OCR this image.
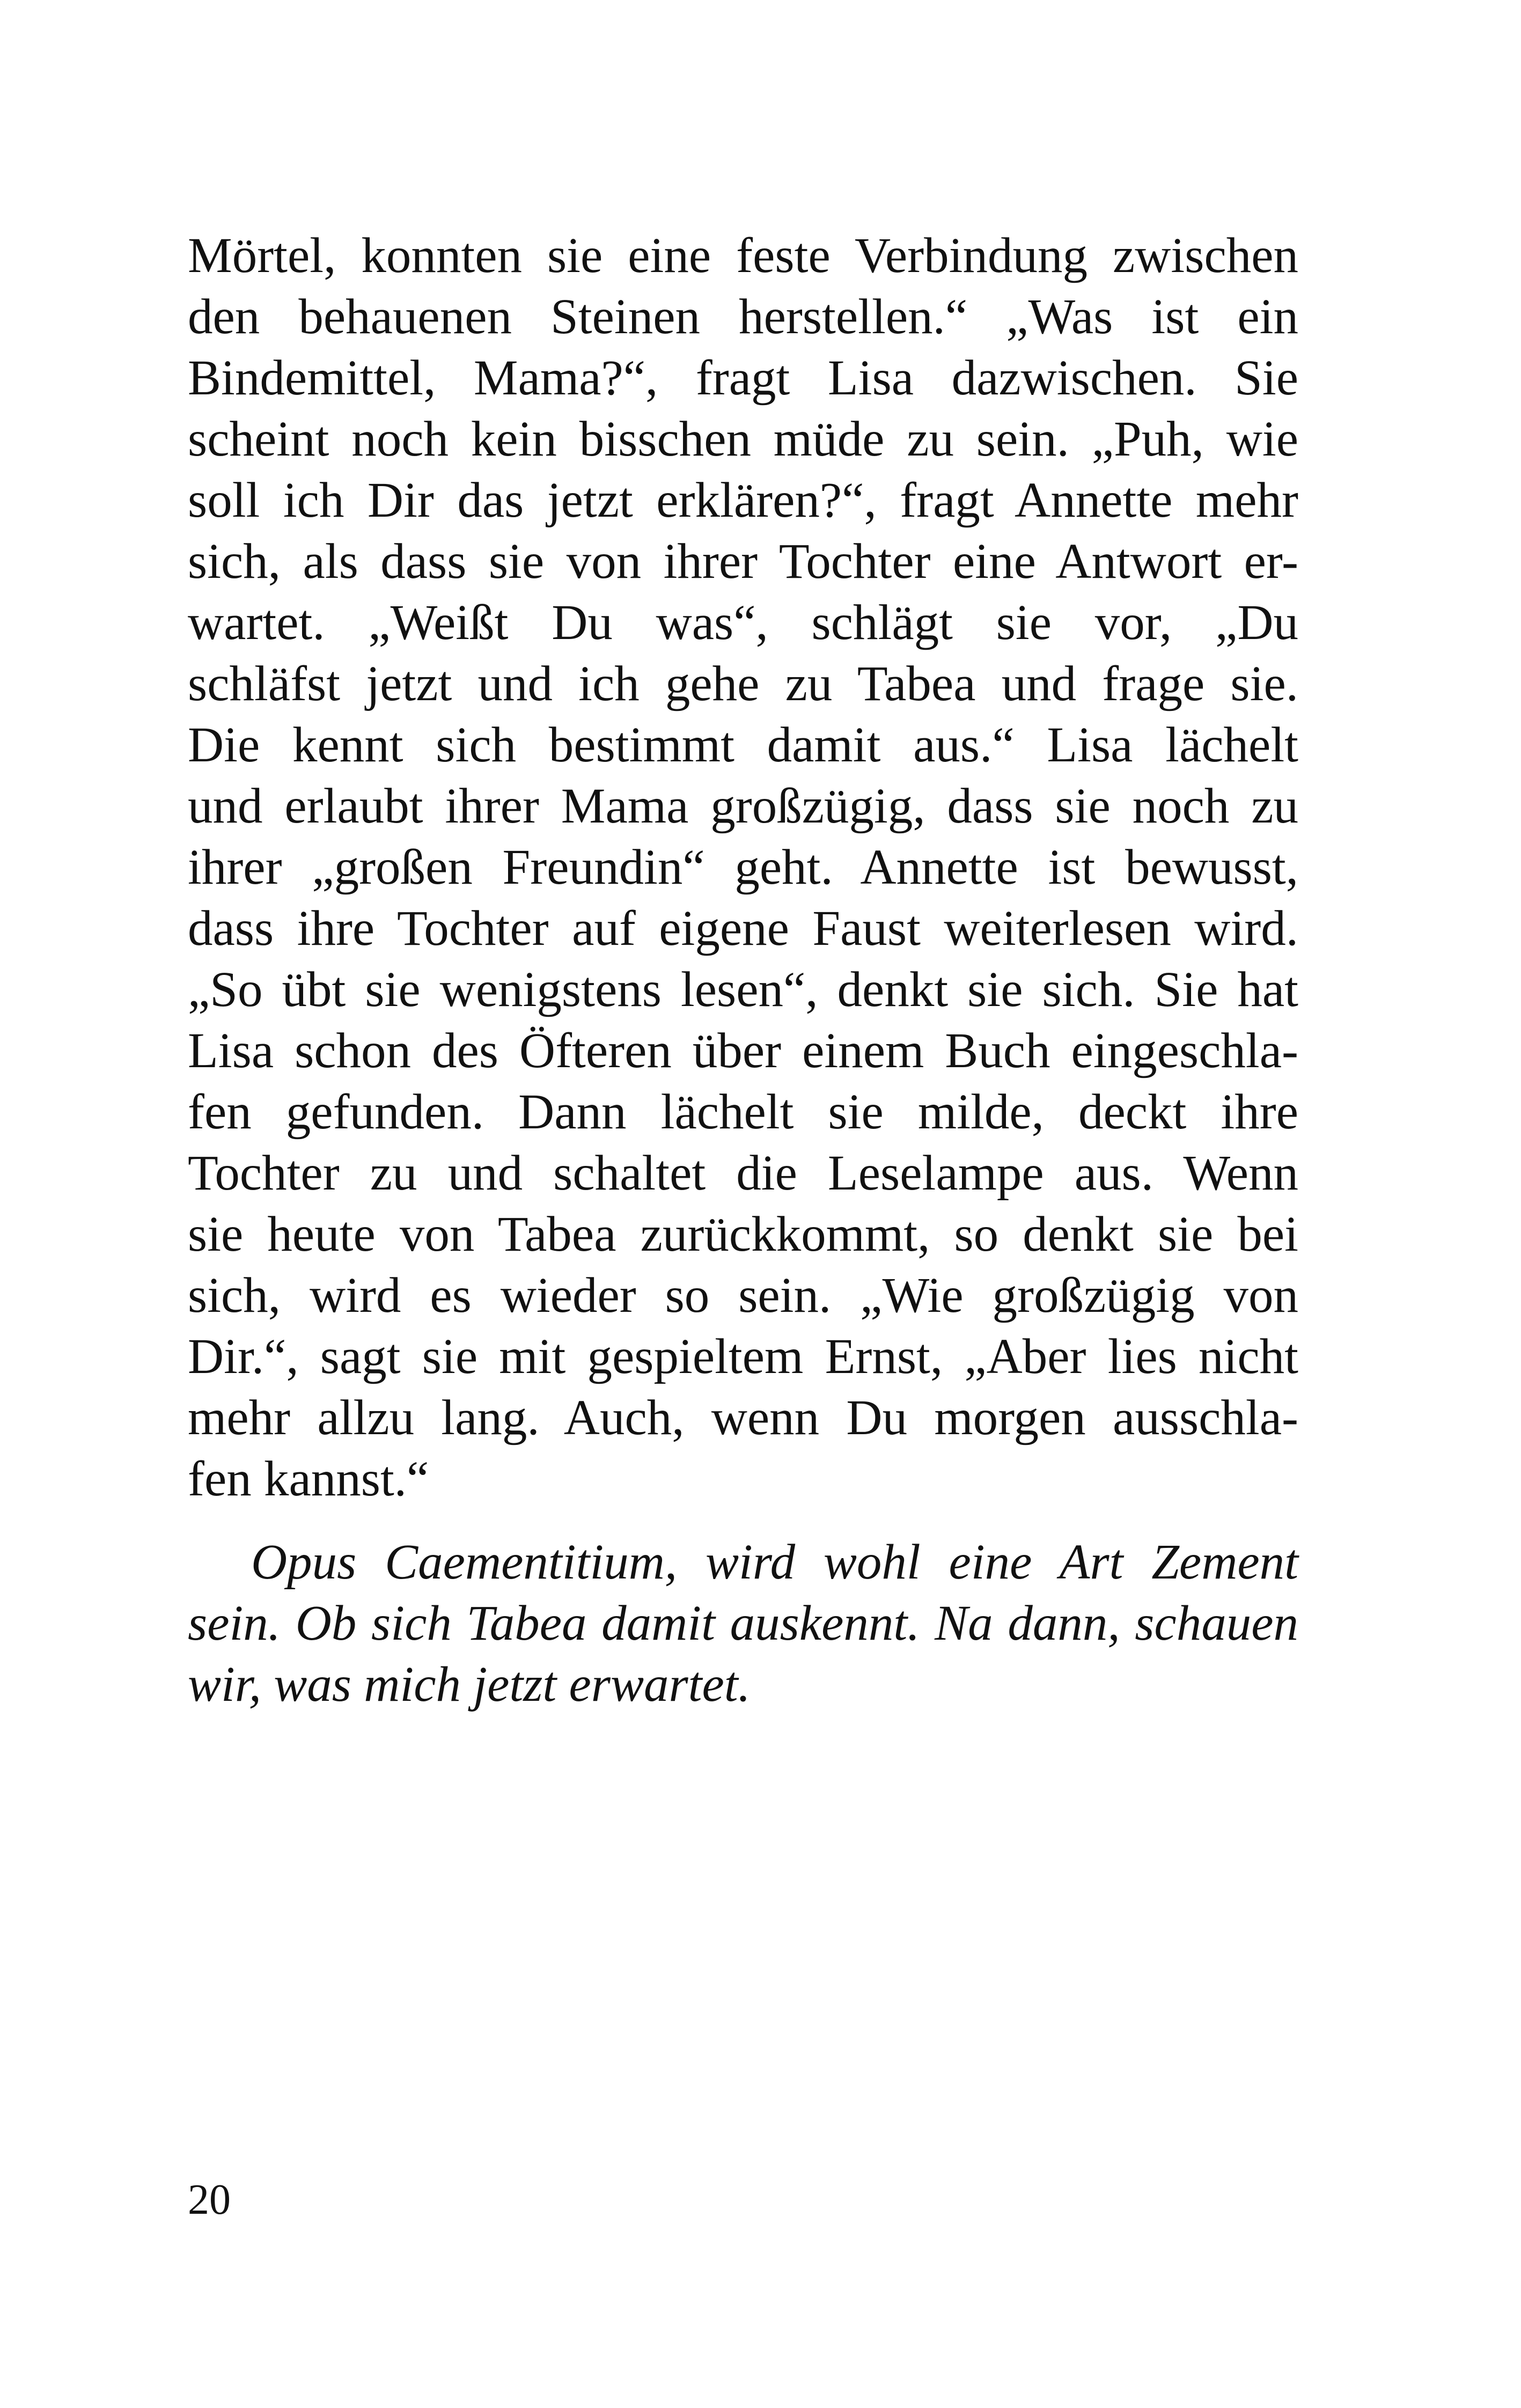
Mörtel, konnten sie eine feste Verbindung zwischen
den behauenen Steinen herstellen.“ „Was ist ein
Bindemittel, Mama?“, fragt Lisa dazwischen. Sie
scheint noch kein bisschen müde zu sein. „Puh, wie
soll ich Dir das jetzt erklären?“, fragt Annette mehr
sich, als dass sie von ihrer Tochter eine Antwort er-
wartet. „Weißt Du was“, schlägt sie vor, „Du
schläfst jetzt und ich gehe zu Tabea und frage sie.
Die kennt sich bestimmt damit aus.“ Lisa lächelt
und erlaubt ihrer Mama großzügig, dass sie noch zu
ihrer „großen Freundin“ geht. Annette ist bewusst,
dass ihre Tochter auf eigene Faust weiterlesen wird.
„So übt sie wenigstens lesen“, denkt sie sich. Sie hat
Lisa schon des Öfteren über einem Buch eingeschla-
fen gefunden. Dann lächelt sie milde, deckt ihre
Tochter zu und schaltet die Leselampe aus. Wenn
sie heute von Tabea zurückkommt, so denkt sie bei
sich, wird es wieder so sein. „Wie großzügig von
Dir.“, sagt sie mit gespieltem Ernst, „Aber lies nicht
mehr allzu lang. Auch, wenn Du morgen ausschla-
fen kannst.“
Opus Caementitium, wird wohl eine Art Zement
sein. Ob sich Tabea damit auskennt. Na dann, schauen
wir, was mich jetzt erwartet.
20
